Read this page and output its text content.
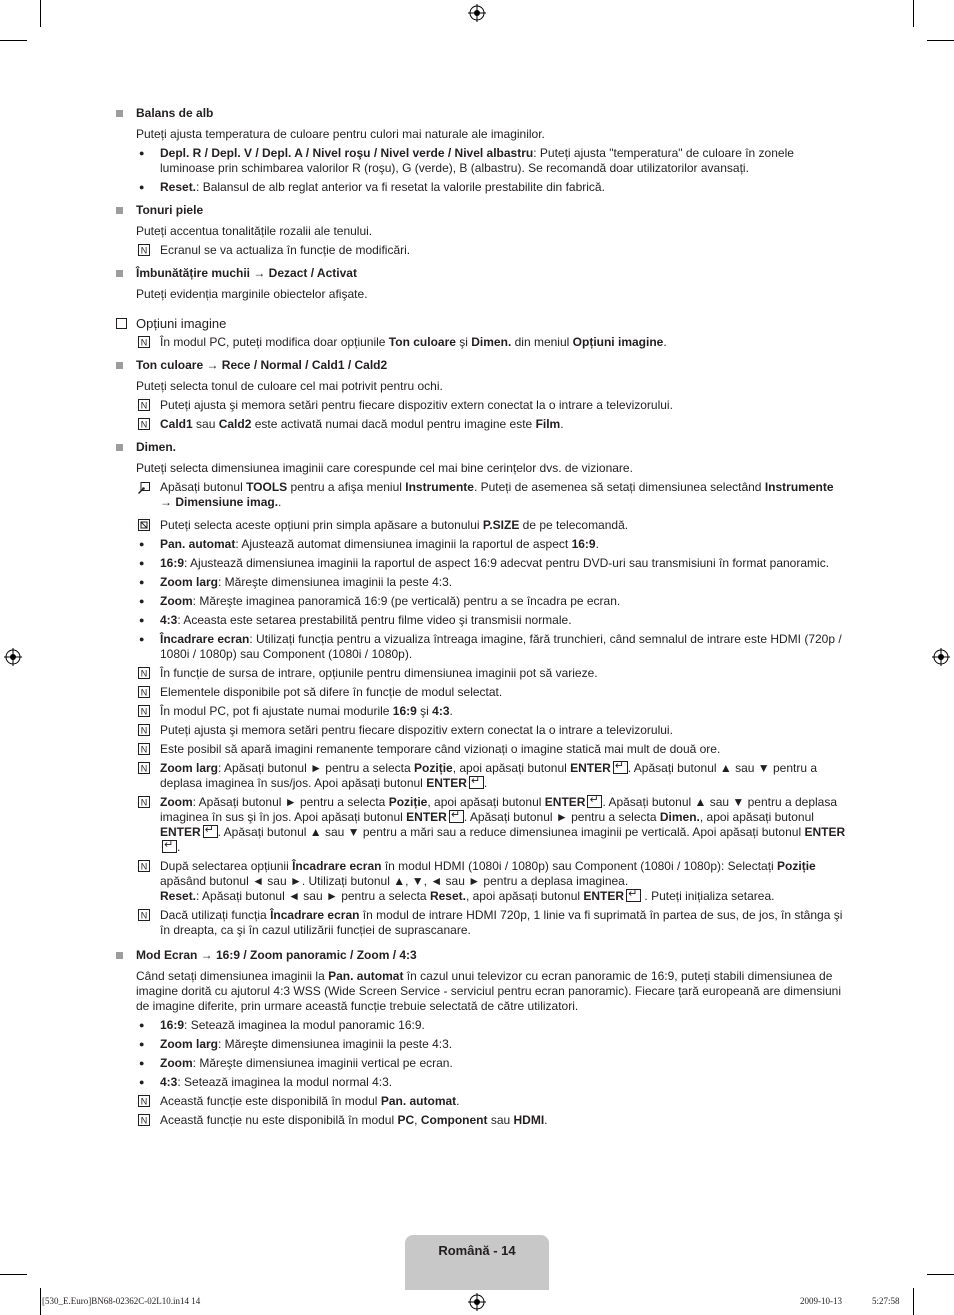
Balans de alb
Puteți ajusta temperatura de culoare pentru culori mai naturale ale imaginilor.
● Depl. R / Depl. V / Depl. A / Nivel roşu / Nivel verde / Nivel albastru: Puteți ajusta "temperatura" de culoare în zonele luminoase prin schimbarea valorilor R (roşu), G (verde), B (albastru). Se recomandă doar utilizatorilor avansați.
● Reset.: Balansul de alb reglat anterior va fi resetat la valorile prestabilite din fabrică.
Tonuri piele
Puteți accentua tonalitățile rozalii ale tenului.
N Ecranul se va actualiza în funcție de modificări.
Îmbunătățire muchii → Dezact / Activat
Puteți evidenția marginile obiectelor afişate.
Opțiuni imagine
N În modul PC, puteți modifica doar opțiunile Ton culoare şi Dimen. din meniul Opțiuni imagine.
Ton culoare → Rece / Normal / Cald1 / Cald2
Puteți selecta tonul de culoare cel mai potrivit pentru ochi.
N Puteți ajusta şi memora setări pentru fiecare dispozitiv extern conectat la o intrare a televizorului.
N Cald1 sau Cald2 este activată numai dacă modul pentru imagine este Film.
Dimen.
Puteți selecta dimensiunea imaginii care corespunde cel mai bine cerințelor dvs. de vizionare.
Apăsați butonul TOOLS pentru a afişa meniul Instrumente. Puteți de asemenea să setați dimensiunea selectând Instrumente → Dimensiune imag..
Puteți selecta aceste opțiuni prin simpla apăsare a butonului P.SIZE de pe telecomandă.
● Pan. automat: Ajustează automat dimensiunea imaginii la raportul de aspect 16:9.
● 16:9: Ajustează dimensiunea imaginii la raportul de aspect 16:9 adecvat pentru DVD-uri sau transmisiuni în format panoramic.
● Zoom larg: Măreşte dimensiunea imaginii la peste 4:3.
● Zoom: Măreşte imaginea panoramică 16:9 (pe verticală) pentru a se încadra pe ecran.
● 4:3: Aceasta este setarea prestabilită pentru filme video şi transmisii normale.
● Încadrare ecran: Utilizați funcția pentru a vizualiza întreaga imagine, fără trunchieri, când semnalul de intrare este HDMI (720p / 1080i / 1080p) sau Component (1080i / 1080p).
N În funcție de sursa de intrare, opțiunile pentru dimensiunea imaginii pot să varieze.
N Elementele disponibile pot să difere în funcție de modul selectat.
N În modul PC, pot fi ajustate numai modurile 16:9 şi 4:3.
N Puteți ajusta şi memora setări pentru fiecare dispozitiv extern conectat la o intrare a televizorului.
N Este posibil să apară imagini remanente temporare când vizionați o imagine statică mai mult de două ore.
N Zoom larg: Apăsați butonul ► pentru a selecta Poziție, apoi apăsați butonul ENTER ↵ . Apăsați butonul ▲ sau ▼ pentru a deplasa imaginea în sus/jos. Apoi apăsați butonul ENTER ↵ .
N Zoom: Apăsați butonul ► pentru a selecta Poziție, apoi apăsați butonul ENTER ↵ . Apăsați butonul ▲ sau ▼ pentru a deplasa imaginea în sus şi în jos. Apoi apăsați butonul ENTER ↵ . Apăsați butonul ► pentru a selecta Dimen., apoi apăsați butonul ENTER ↵ . Apăsați butonul ▲ sau ▼ pentru a mări sau a reduce dimensiunea imaginii pe verticală. Apoi apăsați butonul ENTER↵.
N După selectarea opțiunii Încadrare ecran în modul HDMI (1080i / 1080p) sau Component (1080i / 1080p): Selectați Poziție apăsând butonul ◄ sau ►. Utilizați butonul ▲, ▼, ◄ sau ► pentru a deplasa imaginea.
Reset.: Apăsați butonul ◄ sau ► pentru a selecta Reset., apoi apăsați butonul ENTER↵ . Puteți inițializa setarea.
N Dacă utilizați funcția Încadrare ecran în modul de intrare HDMI 720p, 1 linie va fi suprimată în partea de sus, de jos, în stânga şi în dreapta, ca şi în cazul utilizării funcției de suprascanare.
Mod Ecran → 16:9 / Zoom panoramic / Zoom / 4:3
Când setați dimensiunea imaginii la Pan. automat în cazul unui televizor cu ecran panoramic de 16:9, puteți stabili dimensiunea de imagine dorită cu ajutorul 4:3 WSS (Wide Screen Service - serviciul pentru ecran panoramic). Fiecare țară europeană are dimensiuni de imagine diferite, prin urmare această funcție trebuie selectată de către utilizatori.
● 16:9: Setează imaginea la modul panoramic 16:9.
● Zoom larg: Măreşte dimensiunea imaginii la peste 4:3.
● Zoom: Măreşte dimensiunea imaginii vertical pe ecran.
● 4:3: Setează imaginea la modul normal 4:3.
N Această funcție este disponibilă în modul Pan. automat.
N Această funcție nu este disponibilă în modul PC, Component sau HDMI.
Română - 14
[530_E.Euro]BN68-02362C-02L10.in14 14	2009-10-13	5:27:58
